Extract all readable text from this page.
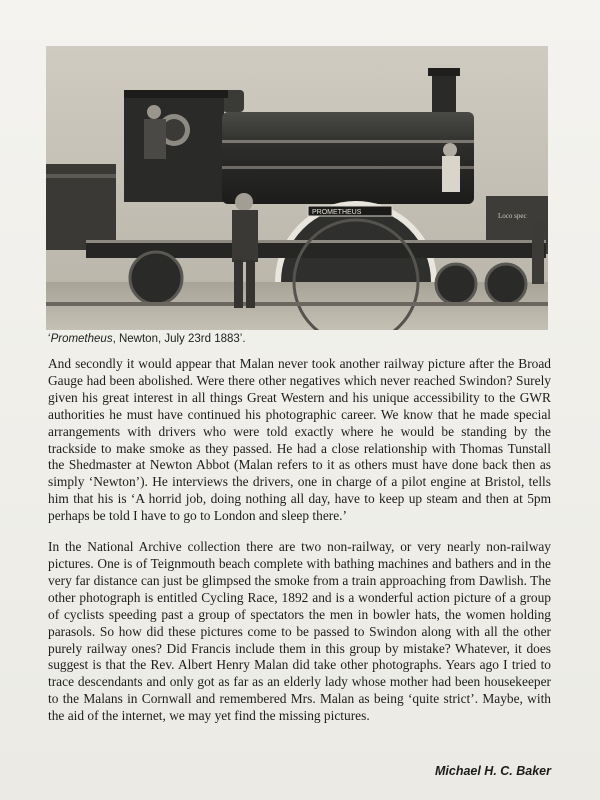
Loco spec
PROMETHEUS
‘Prometheus, Newton, July 23rd 1883’.

And secondly it would appear that Malan never took another railway picture after the Broad Gauge had been abolished. Were there other negatives which never reached Swindon? Surely given his great interest in all things Great Western and his unique accessibility to the GWR authorities he must have continued his photographic career. We know that he made special arrangements with drivers who were told exactly where he would be standing by the trackside to make smoke as they passed. He had a close relationship with Thomas Tunstall the Shedmaster at Newton Abbot (Malan refers to it as others must have done back then as simply ‘Newton’). He interviews the drivers, one in charge of a pilot engine at Bristol, tells him that his is ‘A horrid job, doing nothing all day, have to keep up steam and then at 5pm perhaps be told I have to go to London and sleep there.’

In the National Archive collection there are two non-railway, or very nearly non-railway pictures. One is of Teignmouth beach complete with bathing machines and bathers and in the very far distance can just be glimpsed the smoke from a train approaching from Dawlish. The other photograph is entitled Cycling Race, 1892 and is a wonderful action picture of a group of cyclists speeding past a group of spectators the men in bowler hats, the women holding parasols. So how did these pictures come to be passed to Swindon along with all the other purely railway ones? Did Francis include them in this group by mistake? Whatever, it does suggest is that the Rev. Albert Henry Malan did take other photographs. Years ago I tried to trace descendants and only got as far as an elderly lady whose mother had been housekeeper to the Malans in Cornwall and remembered Mrs. Malan as being ‘quite strict’. Maybe, with the aid of the internet, we may yet find the missing pictures.

Michael H. C. Baker
